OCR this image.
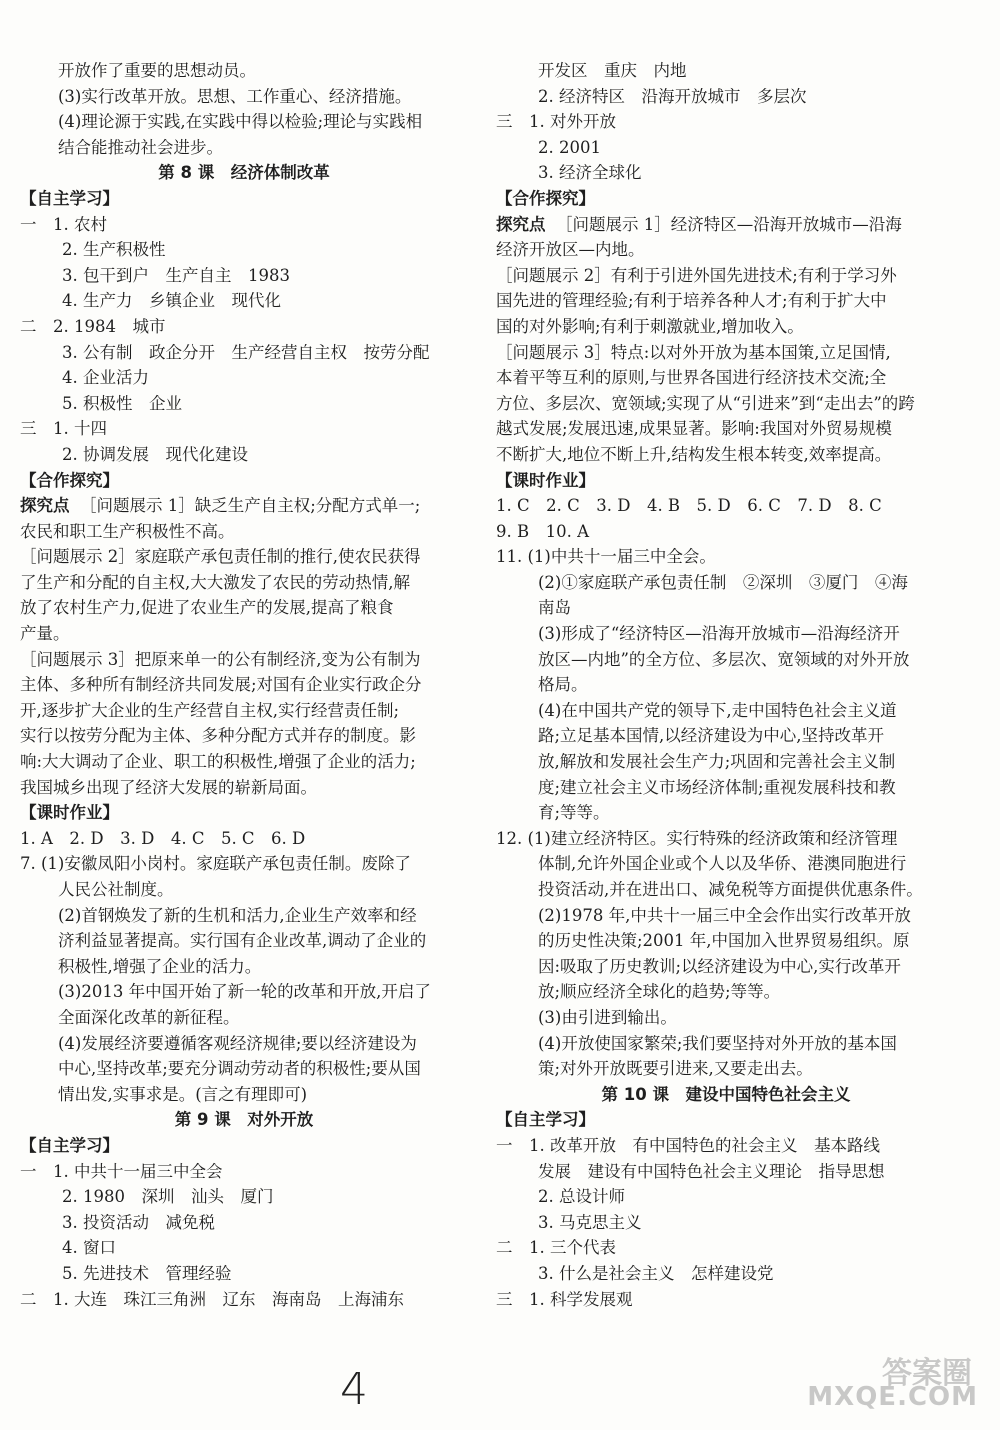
开放作了重要的思想动员。
(3)实行改革开放。思想、工作重心、经济措施。
(4)理论源于实践,在实践中得以检验;理论与实践相
结合能推动社会进步。
第 8 课　经济体制改革
【自主学习】
一　1. 农村
2. 生产积极性
3. 包干到户　生产自主　1983
4. 生产力　乡镇企业　现代化
二　2. 1984　城市
3. 公有制　政企分开　生产经营自主权　按劳分配
4. 企业活力
5. 积极性　企业
三　1. 十四
2. 协调发展　现代化建设
【合作探究】
探究点 ［问题展示 1］缺乏生产自主权;分配方式单一;
农民和职工生产积极性不高。
［问题展示 2］家庭联产承包责任制的推行,使农民获得
了生产和分配的自主权,大大激发了农民的劳动热情,解
放了农村生产力,促进了农业生产的发展,提高了粮食
产量。
［问题展示 3］把原来单一的公有制经济,变为公有制为
主体、多种所有制经济共同发展;对国有企业实行政企分
开,逐步扩大企业的生产经营自主权,实行经营责任制;
实行以按劳分配为主体、多种分配方式并存的制度。影
响:大大调动了企业、职工的积极性,增强了企业的活力;
我国城乡出现了经济大发展的崭新局面。
【课时作业】
1. A　2. D　3. D　4. C　5. C　6. D
7. (1)安徽凤阳小岗村。家庭联产承包责任制。废除了
人民公社制度。
(2)首钢焕发了新的生机和活力,企业生产效率和经
济利益显著提高。实行国有企业改革,调动了企业的
积极性,增强了企业的活力。
(3)2013 年中国开始了新一轮的改革和开放,开启了
全面深化改革的新征程。
(4)发展经济要遵循客观经济规律;要以经济建设为
中心,坚持改革;要充分调动劳动者的积极性;要从国
情出发,实事求是。(言之有理即可)
第 9 课　对外开放
【自主学习】
一　1. 中共十一届三中全会
2. 1980　深圳　汕头　厦门
3. 投资活动　减免税
4. 窗口
5. 先进技术　管理经验
二　1. 大连　珠江三角洲　辽东　海南岛　上海浦东
开发区　重庆　内地
2. 经济特区　沿海开放城市　多层次
三　1. 对外开放
2. 2001
3. 经济全球化
【合作探究】
探究点 ［问题展示 1］经济特区—沿海开放城市—沿海
经济开放区—内地。
［问题展示 2］有利于引进外国先进技术;有利于学习外
国先进的管理经验;有利于培养各种人才;有利于扩大中
国的对外影响;有利于刺激就业,增加收入。
［问题展示 3］特点:以对外开放为基本国策,立足国情,
本着平等互利的原则,与世界各国进行经济技术交流;全
方位、多层次、宽领域;实现了从“引进来”到“走出去”的跨
越式发展;发展迅速,成果显著。影响:我国对外贸易规模
不断扩大,地位不断上升,结构发生根本转变,效率提高。
【课时作业】
1. C　2. C　3. D　4. B　5. D　6. C　7. D　8. C
9. B　10. A
11. (1)中共十一届三中全会。
(2)①家庭联产承包责任制　②深圳　③厦门　④海
南岛
(3)形成了“经济特区—沿海开放城市—沿海经济开
放区—内地”的全方位、多层次、宽领域的对外开放
格局。
(4)在中国共产党的领导下,走中国特色社会主义道
路;立足基本国情,以经济建设为中心,坚持改革开
放,解放和发展社会生产力;巩固和完善社会主义制
度;建立社会主义市场经济体制;重视发展科技和教
育;等等。
12. (1)建立经济特区。实行特殊的经济政策和经济管理
体制,允许外国企业或个人以及华侨、港澳同胞进行
投资活动,并在进出口、减免税等方面提供优惠条件。
(2)1978 年,中共十一届三中全会作出实行改革开放
的历史性决策;2001 年,中国加入世界贸易组织。原
因:吸取了历史教训;以经济建设为中心,实行改革开
放;顺应经济全球化的趋势;等等。
(3)由引进到输出。
(4)开放使国家繁荣;我们要坚持对外开放的基本国
策;对外开放既要引进来,又要走出去。
第 10 课　建设中国特色社会主义
【自主学习】
一　1. 改革开放　有中国特色的社会主义　基本路线
发展　建设有中国特色社会主义理论　指导思想
2. 总设计师
3. 马克思主义
二　1. 三个代表
3. 什么是社会主义　怎样建设党
三　1. 科学发展观
4	答案圈
MXQE.COM
